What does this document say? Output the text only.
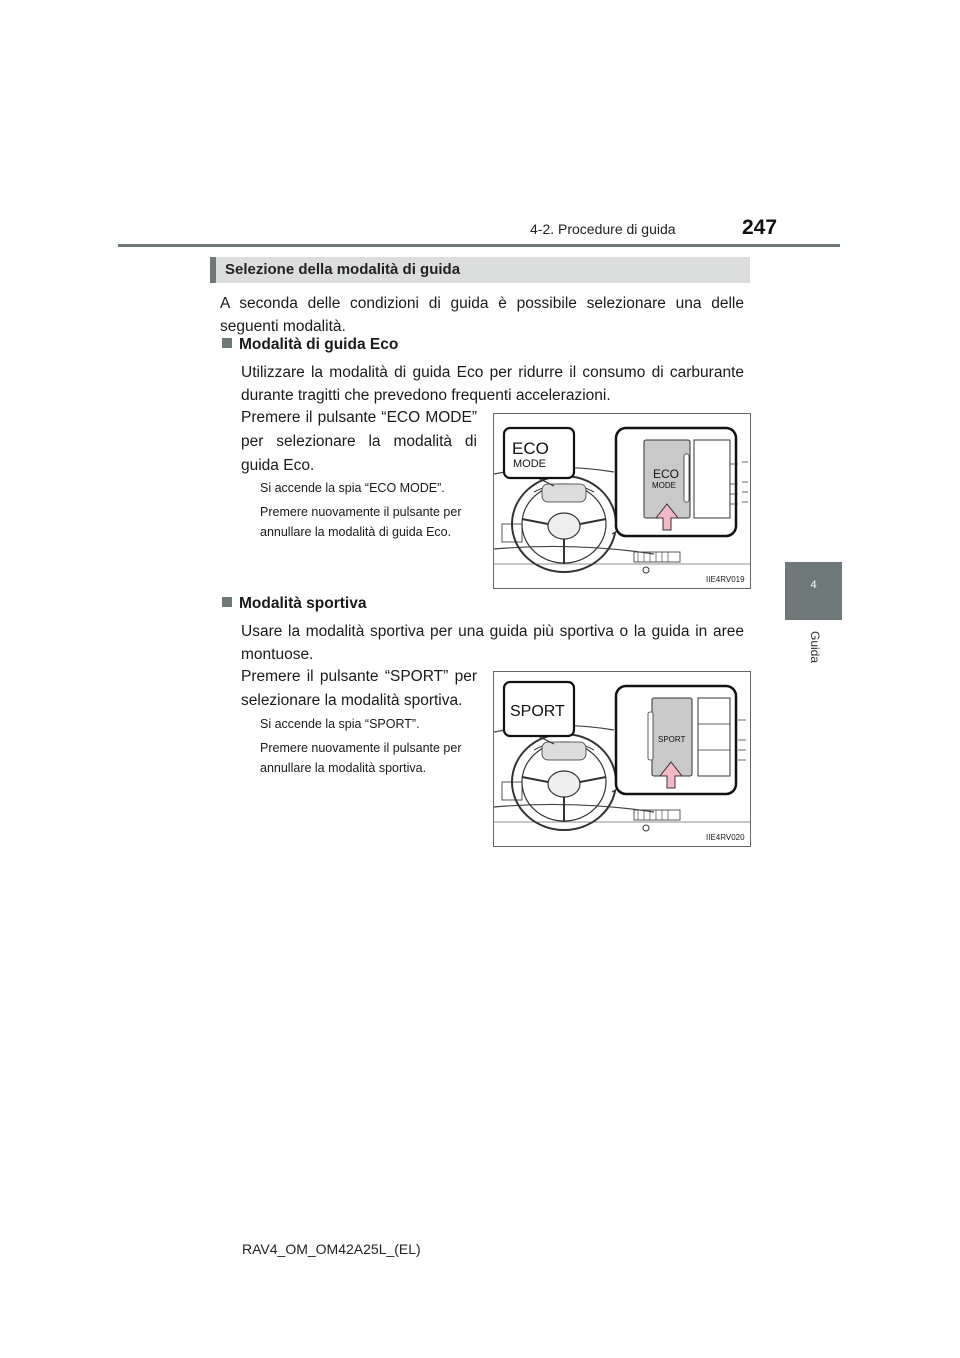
4-2. Procedure di guida	247
4
Guida
Selezione della modalità di guida
A seconda delle condizioni di guida è possibile selezionare una delle seguenti modalità.
Modalità di guida Eco
Utilizzare la modalità di guida Eco per ridurre il consumo di carburante durante tragitti che prevedono frequenti accelerazioni.
Premere il pulsante “ECO MODE” per selezionare la modalità di guida Eco.
Si accende la spia “ECO MODE”.
Premere nuovamente il pulsante per annullare la modalità di guida Eco.
ECO
MODE
ECO
MODE
IIE4RV019
Modalità sportiva
Usare la modalità sportiva per una guida più sportiva o la guida in aree montuose.
Premere il pulsante “SPORT” per selezionare la modalità sportiva.
Si accende la spia “SPORT”.
Premere nuovamente il pulsante per annullare la modalità sportiva.
SPORT
SPORT
IIE4RV020
RAV4_OM_OM42A25L_(EL)
